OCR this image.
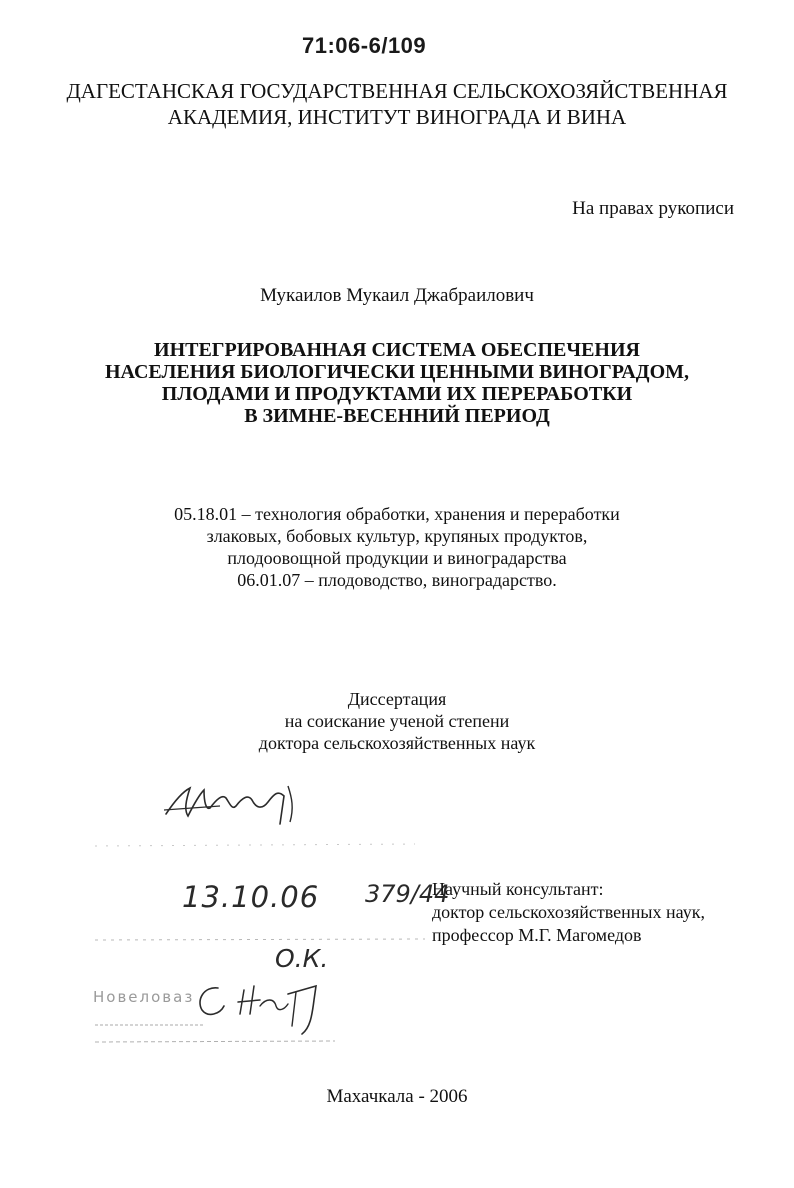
71:06-6/109
ДАГЕСТАНСКАЯ ГОСУДАРСТВЕННАЯ СЕЛЬСКОХОЗЯЙСТВЕННАЯ
АКАДЕМИЯ, ИНСТИТУТ ВИНОГРАДА И ВИНА
На правах рукописи
Мукаилов Мукаил Джабраилович
ИНТЕГРИРОВАННАЯ СИСТЕМА ОБЕСПЕЧЕНИЯ
НАСЕЛЕНИЯ БИОЛОГИЧЕСКИ ЦЕННЫМИ ВИНОГРАДОМ,
ПЛОДАМИ И ПРОДУКТАМИ ИХ ПЕРЕРАБОТКИ
В ЗИМНЕ-ВЕСЕННИЙ ПЕРИОД
05.18.01 – технология обработки, хранения и переработки
злаковых, бобовых культур, крупяных продуктов,
плодоовощной продукции и виноградарства
06.01.07 – плодоводство, виноградарство.
Диссертация
на соискание ученой степени
доктора сельскохозяйственных наук
13.10.06 379/44
Научный консультант:
доктор сельскохозяйственных наук,
профессор М.Г. Магомедов
О.К.
Новеловаз
Махачкала - 2006
